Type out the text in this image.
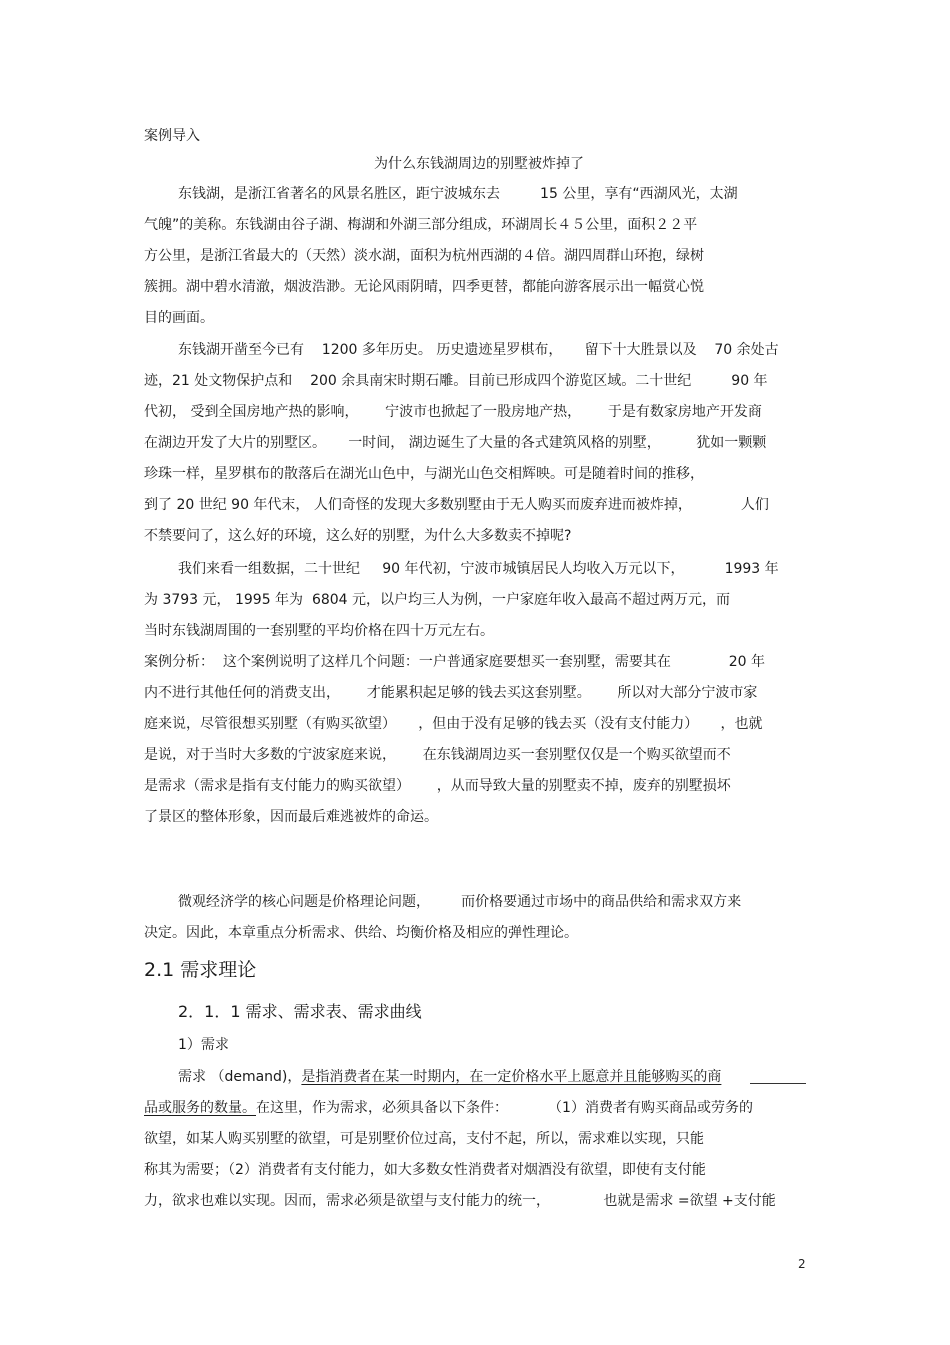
案例导入
为什么东钱湖周边的别墅被炸掉了
东钱湖，是浙江省著名的风景名胜区，距宁波城东去         15 公里，享有“西湖风光，太湖
气魄”的美称。东钱湖由谷子湖、梅湖和外湖三部分组成，环湖周长４５公里，面积２２平
方公里，是浙江省最大的（天然）淡水湖，面积为杭州西湖的４倍。湖四周群山环抱，绿树
簇拥。湖中碧水清澈，烟波浩渺。无论风雨阴晴，四季更替，都能向游客展示出一幅赏心悦
目的画面。
东钱湖开凿至今已有    1200 多年历史。 历史遗迹星罗棋布，     留下十大胜景以及    70 余处古
迹，21 处文物保护点和    200 余具南宋时期石雕。目前已形成四个游览区域。二十世纪         90 年
代初， 受到全国房地产热的影响，      宁波市也掀起了一股房地产热，      于是有数家房地产开发商
在湖边开发了大片的别墅区。     一时间， 湖边诞生了大量的各式建筑风格的别墅，        犹如一颗颗
珍珠一样，星罗棋布的散落后在湖光山色中，与湖光山色交相辉映。可是随着时间的推移，
到了 20 世纪 90 年代末， 人们奇怪的发现大多数别墅由于无人购买而废弃进而被炸掉，           人们
不禁要问了，这么好的环境，这么好的别墅，为什么大多数卖不掉呢?
我们来看一组数据，二十世纪     90 年代初，宁波市城镇居民人均收入万元以下，         1993 年
为 3793 元， 1995 年为  6804 元，以户均三人为例，一户家庭年收入最高不超过两万元，而
当时东钱湖周围的一套别墅的平均价格在四十万元左右。
案例分析：  这个案例说明了这样几个问题：一户普通家庭要想买一套别墅，需要其在             20 年
内不进行其他任何的消费支出，      才能累积起足够的钱去买这套别墅。      所以对大部分宁波市家
庭来说，尽管很想买别墅（有购买欲望）     ，但由于没有足够的钱去买（没有支付能力）     ，也就
是说，对于当时大多数的宁波家庭来说，      在东钱湖周边买一套别墅仅仅是一个购买欲望而不
是需求（需求是指有支付能力的购买欲望）      ，从而导致大量的别墅卖不掉，废弃的别墅损坏
了景区的整体形象，因而最后难逃被炸的命运。
微观经济学的核心问题是价格理论问题，       而价格要通过市场中的商品供给和需求双方来
决定。因此，本章重点分析需求、供给、均衡价格及相应的弹性理论。
2.1 需求理论
2．1．1 需求、需求表、需求曲线
1）需求
需求 （demand)，是指消费者在某一时期内，在一定价格水平上愿意并且能够购买的商
品或服务的数量。在这里，作为需求，必须具备以下条件：         （1）消费者有购买商品或劳务的
欲望，如某人购买别墅的欲望，可是别墅价位过高，支付不起，所以，需求难以实现，只能
称其为需要；（2）消费者有支付能力，如大多数女性消费者对烟酒没有欲望，即使有支付能
力，欲求也难以实现。因而，需求必须是欲望与支付能力的统一，            也就是需求 =欲望 +支付能
2
